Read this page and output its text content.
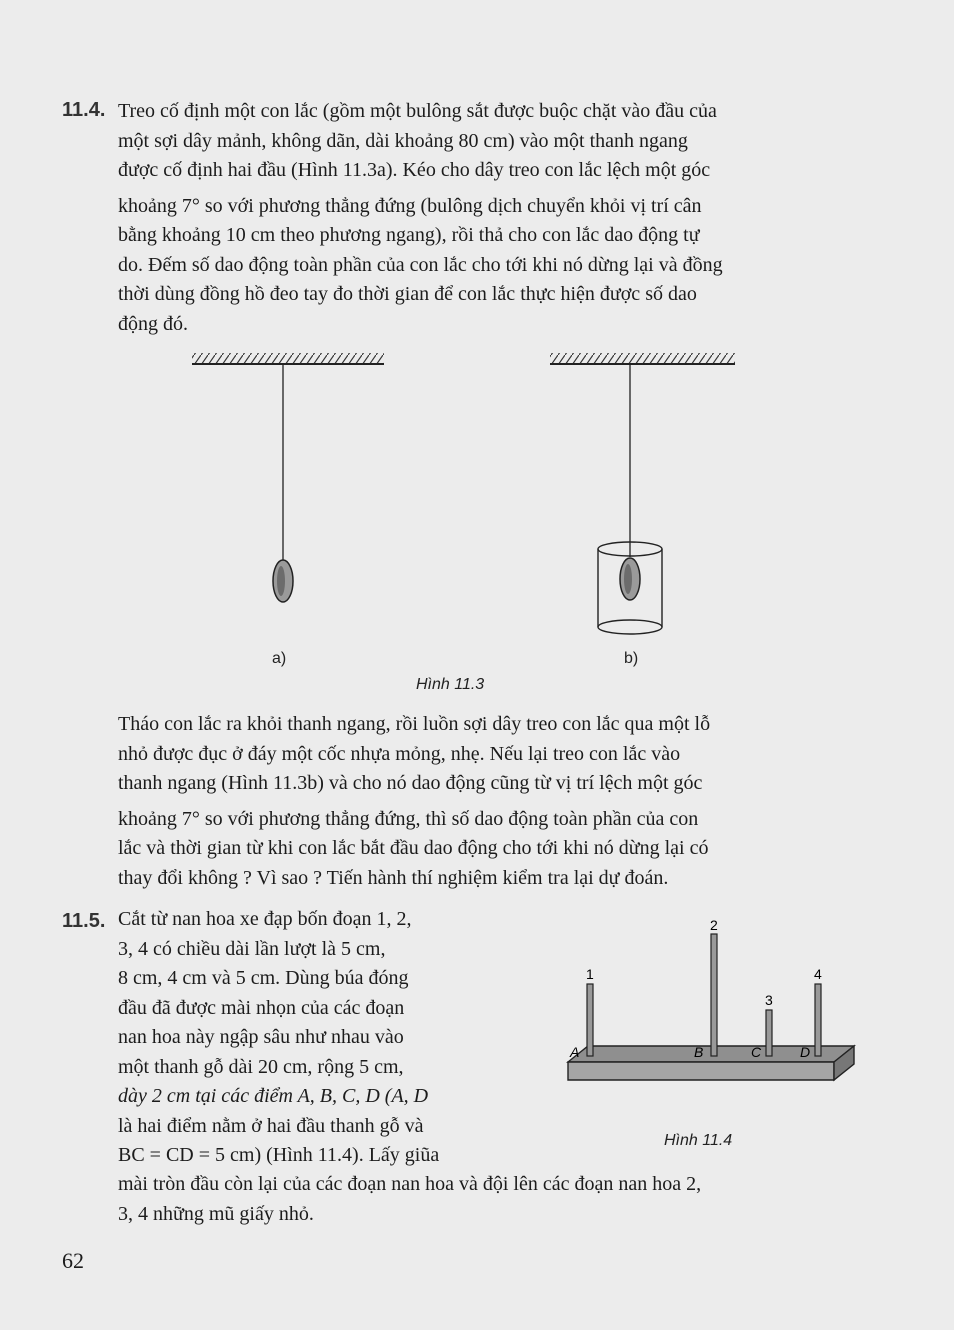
11.4. Treo cố định một con lắc (gồm một bulông sắt được buộc chặt vào đầu của
một sợi dây mảnh, không dãn, dài khoảng 80 cm) vào một thanh ngang
được cố định hai đầu (Hình 11.3a). Kéo cho dây treo con lắc lệch một góc
khoảng 7° so với phương thẳng đứng (bulông dịch chuyển khỏi vị trí cân
bằng khoảng 10 cm theo phương ngang), rồi thả cho con lắc dao động tự
do. Đếm số dao động toàn phần của con lắc cho tới khi nó dừng lại và đồng
thời dùng đồng hồ đeo tay đo thời gian để con lắc thực hiện được số dao
động đó.
a)	b)
Hình 11.3
Tháo con lắc ra khỏi thanh ngang, rồi luồn sợi dây treo con lắc qua một lỗ
nhỏ được đục ở đáy một cốc nhựa mỏng, nhẹ. Nếu lại treo con lắc vào
thanh ngang (Hình 11.3b) và cho nó dao động cũng từ vị trí lệch một góc
khoảng 7° so với phương thẳng đứng, thì số dao động toàn phần của con
lắc và thời gian từ khi con lắc bắt đầu dao động cho tới khi nó dừng lại có
thay đổi không ? Vì sao ? Tiến hành thí nghiệm kiểm tra lại dự đoán.
11.5. Cắt từ nan hoa xe đạp bốn đoạn 1, 2,
3, 4 có chiều dài lần lượt là 5 cm,
8 cm, 4 cm và 5 cm. Dùng búa đóng
đầu đã được mài nhọn của các đoạn
nan hoa này ngập sâu như nhau vào
một thanh gỗ dài 20 cm, rộng 5 cm,
dày 2 cm tại các điểm A, B, C, D (A, D
là hai điểm nằm ở hai đầu thanh gỗ và
BC = CD = 5 cm) (Hình 11.4). Lấy giũa
mài tròn đầu còn lại của các đoạn nan hoa và đội lên các đoạn nan hoa 2,
3, 4 những mũ giấy nhỏ.
1
2
3
4
A	B	C	D
Hình 11.4
62
